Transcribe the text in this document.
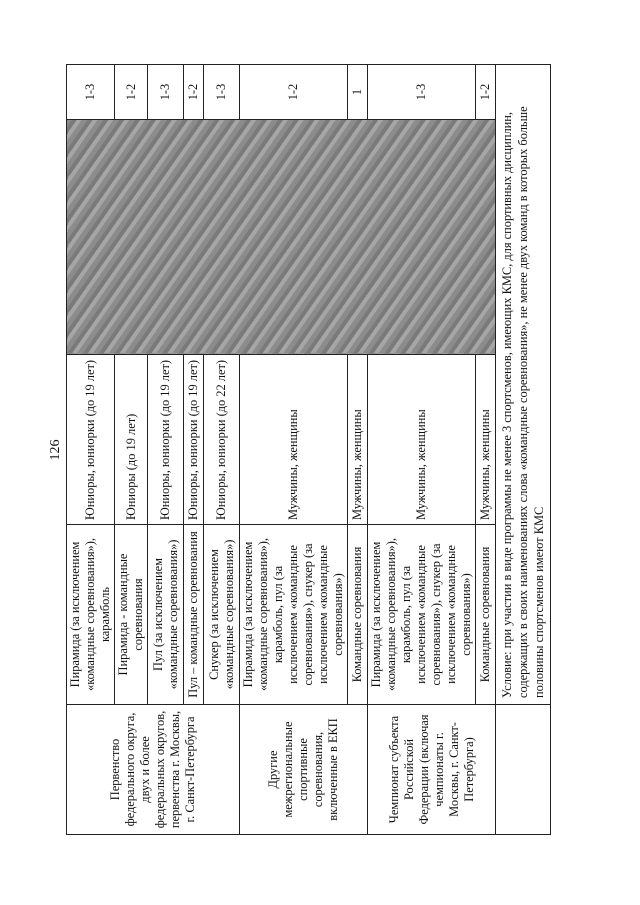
126
Первенство федерального округа, двух и более федеральных округов, первенства г. Москвы, г. Санкт-Петербурга	Пирамида (за исключением «командные соревнования»), карамболь	Юниоры, юниорки (до 19 лет)		1-3
	Пирамида - командные соревнования	Юниоры (до 19 лет)		1-2
	Пул (за исключением «командные соревнования»)	Юниоры, юниорки (до 19 лет)		1-3
	Пул – командные соревнования	Юниоры, юниорки (до 19 лет)		1-2
	Снукер (за исключением «командные соревнования»)	Юниоры, юниорки (до 22 лет)		1-3
Другие межрегиональные спортивные соревнования, включенные в ЕКП	Пирамида (за исключением «командные соревнования»), карамболь, пул (за исключением «командные соревнования»), снукер (за исключением «командные соревнования»)	Мужчины, женщины		1-2
	Командные соревнования	Мужчины, женщины		1
Чемпионат субъекта Российской Федерации (включая чемпионаты г. Москвы, г. Санкт-Петербурга)	Пирамида (за исключением «командные соревнования»), карамболь, пул (за исключением «командные соревнования»), снукер (за исключением «командные соревнования»)	Мужчины, женщины		1-3
	Командные соревнования	Мужчины, женщины		1-2
	Условие: при участии в виде программы не менее 3 спортсменов, имеющих КМС, для спортивных дисциплин, содержащих в своих наименованиях слова «командные соревнования», не менее двух команд в которых больше половины спортсменов имеют КМС			
